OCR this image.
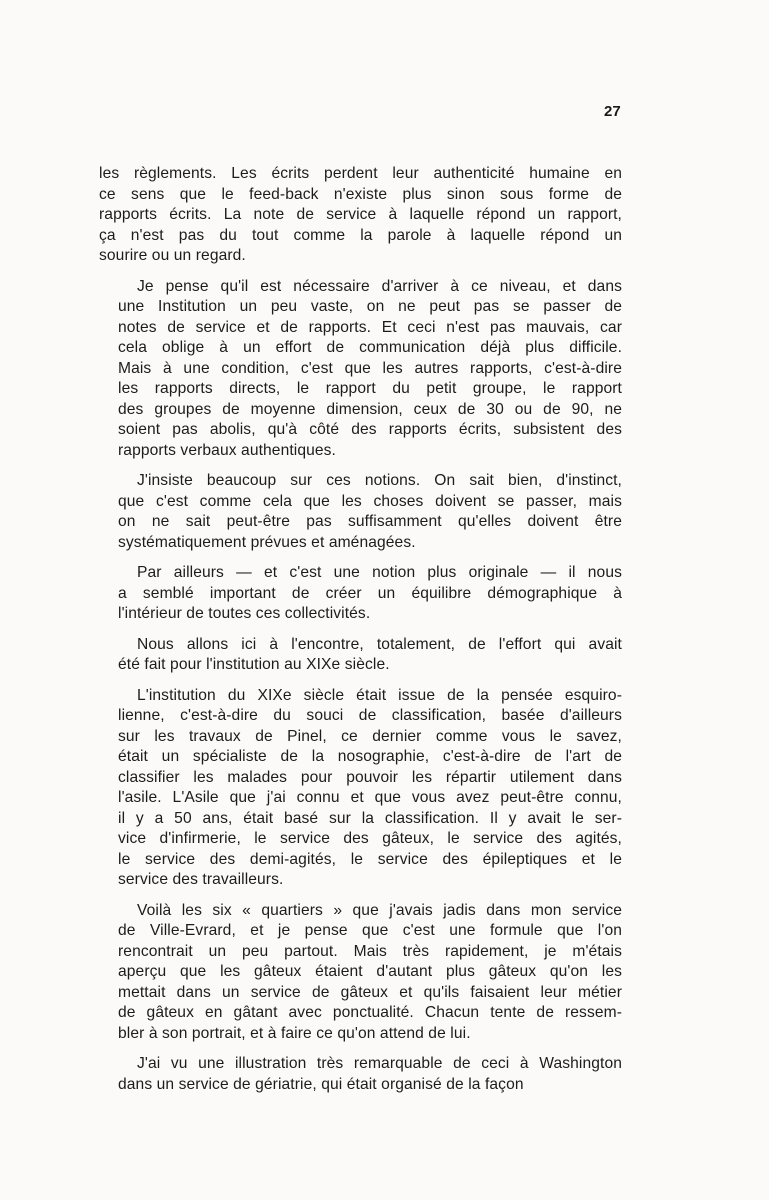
27
les règlements. Les écrits perdent leur authenticité humaine en
ce sens que le feed-back n'existe plus sinon sous forme de
rapports écrits. La note de service à laquelle répond un rapport,
ça n'est pas du tout comme la parole à laquelle répond un
sourire ou un regard.
Je pense qu'il est nécessaire d'arriver à ce niveau, et dans
une Institution un peu vaste, on ne peut pas se passer de
notes de service et de rapports. Et ceci n'est pas mauvais, car
cela oblige à un effort de communication déjà plus difficile.
Mais à une condition, c'est que les autres rapports, c'est-à-dire
les rapports directs, le rapport du petit groupe, le rapport
des groupes de moyenne dimension, ceux de 30 ou de 90, ne
soient pas abolis, qu'à côté des rapports écrits, subsistent des
rapports verbaux authentiques.
J'insiste beaucoup sur ces notions. On sait bien, d'instinct,
que c'est comme cela que les choses doivent se passer, mais
on ne sait peut-être pas suffisamment qu'elles doivent être
systématiquement prévues et aménagées.
Par ailleurs — et c'est une notion plus originale — il nous
a semblé important de créer un équilibre démographique à
l'intérieur de toutes ces collectivités.
Nous allons ici à l'encontre, totalement, de l'effort qui avait
été fait pour l'institution au XIXe siècle.
L'institution du XIXe siècle était issue de la pensée esquiro-
lienne, c'est-à-dire du souci de classification, basée d'ailleurs
sur les travaux de Pinel, ce dernier comme vous le savez,
était un spécialiste de la nosographie, c'est-à-dire de l'art de
classifier les malades pour pouvoir les répartir utilement dans
l'asile. L'Asile que j'ai connu et que vous avez peut-être connu,
il y a 50 ans, était basé sur la classification. Il y avait le ser-
vice d'infirmerie, le service des gâteux, le service des agités,
le service des demi-agités, le service des épileptiques et le
service des travailleurs.
Voilà les six « quartiers » que j'avais jadis dans mon service
de Ville-Evrard, et je pense que c'est une formule que l'on
rencontrait un peu partout. Mais très rapidement, je m'étais
aperçu que les gâteux étaient d'autant plus gâteux qu'on les
mettait dans un service de gâteux et qu'ils faisaient leur métier
de gâteux en gâtant avec ponctualité. Chacun tente de ressem-
bler à son portrait, et à faire ce qu'on attend de lui.
J'ai vu une illustration très remarquable de ceci à Washington
dans un service de gériatrie, qui était organisé de la façon
